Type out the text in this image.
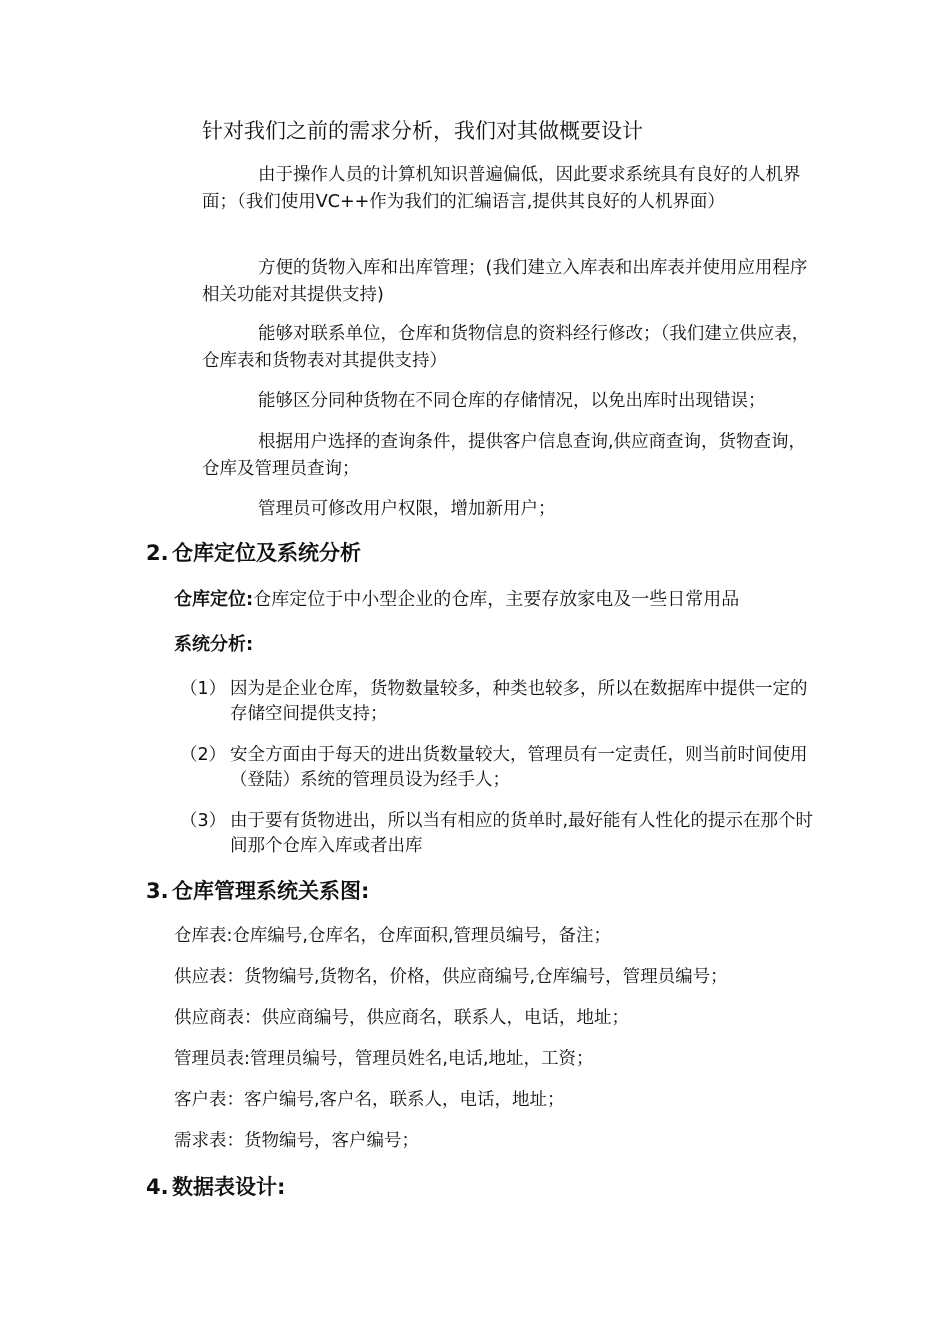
针对我们之前的需求分析，我们对其做概要设计
由于操作人员的计算机知识普遍偏低，因此要求系统具有良好的人机界面；（我们使用VC++作为我们的汇编语言,提供其良好的人机界面）
方便的货物入库和出库管理；(我们建立入库表和出库表并使用应用程序相关功能对其提供支持)
能够对联系单位，仓库和货物信息的资料经行修改；（我们建立供应表，仓库表和货物表对其提供支持）
能够区分同种货物在不同仓库的存储情况，以免出库时出现错误；
根据用户选择的查询条件，提供客户信息查询,供应商查询，货物查询，仓库及管理员查询；
管理员可修改用户权限，增加新用户；
2. 仓库定位及系统分析
仓库定位:仓库定位于中小型企业的仓库，主要存放家电及一些日常用品
系统分析:
（1） 因为是企业仓库，货物数量较多，种类也较多，所以在数据库中提供一定的存储空间提供支持；
（2） 安全方面由于每天的进出货数量较大，管理员有一定责任，则当前时间使用（登陆）系统的管理员设为经手人；
（3） 由于要有货物进出，所以当有相应的货单时,最好能有人性化的提示在那个时间那个仓库入库或者出库
3. 仓库管理系统关系图:
仓库表:仓库编号,仓库名，仓库面积,管理员编号，备注；
供应表：货物编号,货物名，价格，供应商编号,仓库编号，管理员编号；
供应商表：供应商编号，供应商名，联系人，电话，地址；
管理员表:管理员编号，管理员姓名,电话,地址，工资；
客户表：客户编号,客户名，联系人，电话，地址；
需求表：货物编号，客户编号；
4. 数据表设计:
